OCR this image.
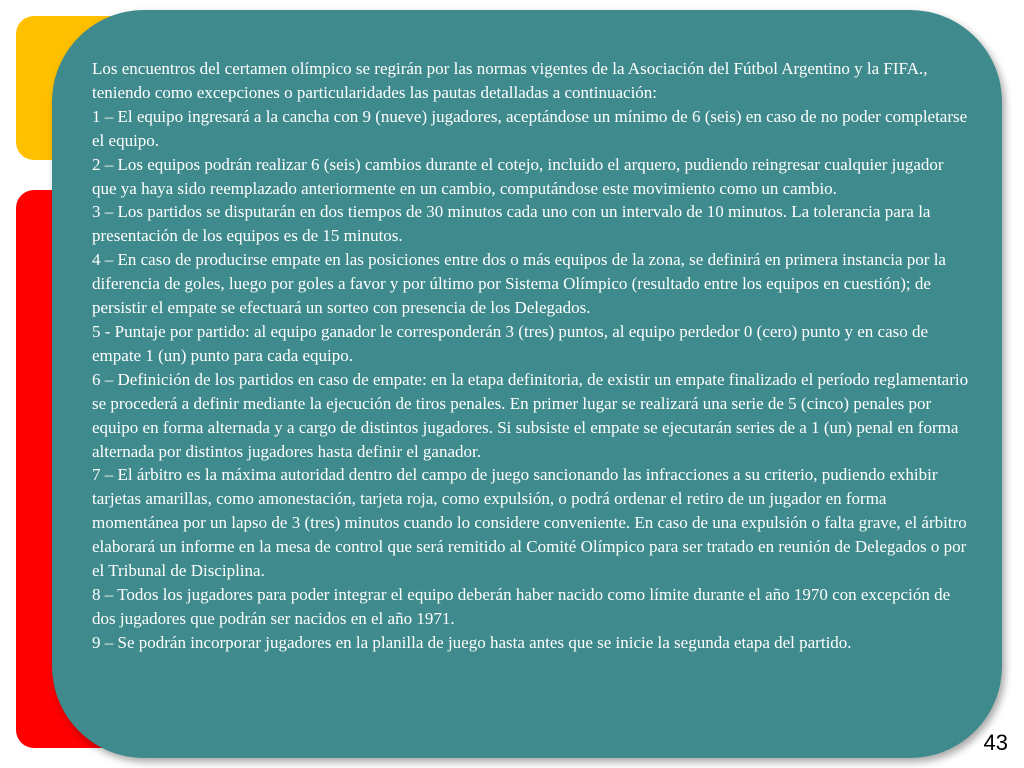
Los encuentros del certamen olímpico se regirán por las normas vigentes de la Asociación del Fútbol Argentino y la FIFA., teniendo como excepciones o particularidades las pautas detalladas a continuación:

1 – El equipo ingresará a la cancha con 9 (nueve) jugadores, aceptándose un mínimo de 6 (seis) en caso de no poder completarse el equipo.

2 – Los equipos podrán realizar 6 (seis) cambios durante el cotejo, incluido el arquero, pudiendo reingresar cualquier jugador que ya haya sido reemplazado anteriormente en un cambio, computándose este movimiento como un cambio.

3 – Los partidos se disputarán en dos tiempos de 30 minutos cada uno con un intervalo de 10 minutos. La tolerancia para la presentación de los equipos es de 15 minutos.

4 – En caso de producirse empate en las posiciones entre dos o más equipos de la zona, se definirá en primera instancia por la diferencia de goles, luego por goles a favor y por último por Sistema Olímpico (resultado entre los equipos en cuestión); de persistir el empate se efectuará un sorteo con presencia de los Delegados.

5 - Puntaje por partido: al equipo ganador le corresponderán 3 (tres) puntos, al equipo perdedor 0 (cero) punto y en caso de empate 1 (un) punto para cada equipo.

6 – Definición de los partidos en caso de empate: en la etapa definitoria, de existir un empate finalizado el período reglamentario se procederá a definir mediante la ejecución de tiros penales. En primer lugar se realizará una serie de 5 (cinco) penales por equipo en forma alternada y a cargo de distintos jugadores. Si subsiste el empate se ejecutarán series de a 1 (un) penal en forma alternada por distintos jugadores hasta definir el ganador.

7 – El árbitro es la máxima autoridad dentro del campo de juego sancionando las infracciones a su criterio, pudiendo exhibir tarjetas amarillas, como amonestación, tarjeta roja, como expulsión, o podrá ordenar el retiro de un jugador en forma momentánea por un lapso de 3 (tres) minutos cuando lo considere conveniente. En caso de una expulsión o falta grave, el árbitro elaborará un informe en la mesa de control que será remitido al Comité Olímpico para ser tratado en reunión de Delegados o por el Tribunal de Disciplina.

8 – Todos los jugadores para poder integrar el equipo deberán haber nacido como límite durante el año 1970 con excepción de dos jugadores que podrán ser nacidos en el año 1971.

9 – Se podrán incorporar jugadores en la planilla de juego hasta antes que se inicie la segunda etapa del partido.

43
